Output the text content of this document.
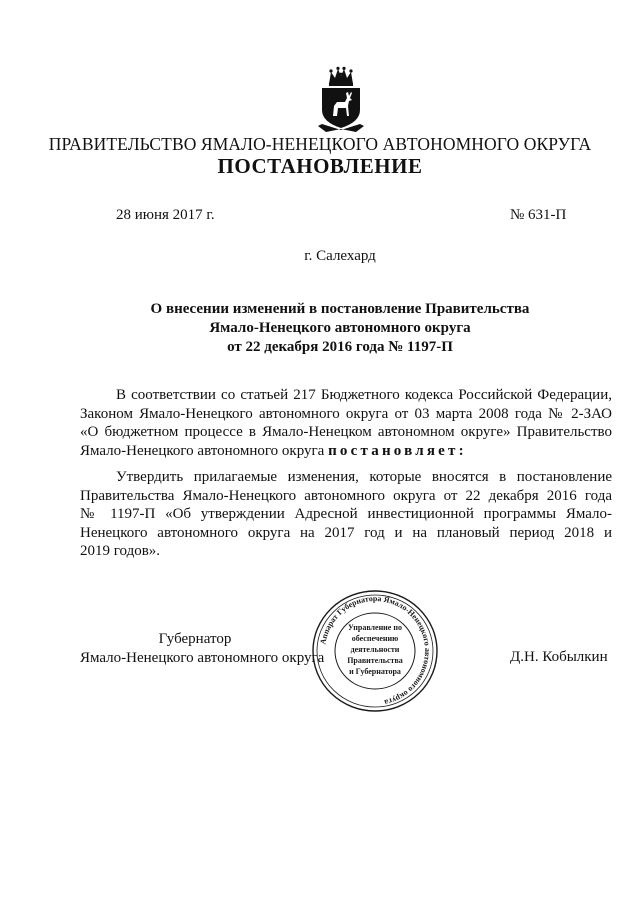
ПРАВИТЕЛЬСТВО ЯМАЛО-НЕНЕЦКОГО АВТОНОМНОГО ОКРУГА
ПОСТАНОВЛЕНИЕ
28 июня 2017 г.	№ 631-П
г. Салехард
О внесении изменений в постановление Правительства
Ямало-Ненецкого автономного округа
от 22 декабря 2016 года № 1197-П
В соответствии со статьей 217 Бюджетного кодекса Российской Федерации,
Законом Ямало-Ненецкого автономного округа от 03 марта 2008 года № 2-ЗАО
«О бюджетном процессе в Ямало-Ненецком автономном округе» Правительство
Ямало-Ненецкого автономного округа постановляет:
Утвердить прилагаемые изменения, которые вносятся в постановление
Правительства Ямало-Ненецкого автономного округа от 22 декабря 2016 года
№ 1197-П «Об утверждении Адресной инвестиционной программы Ямало-
Ненецкого автономного округа на 2017 год и на плановый период 2018 и
2019 годов».
Губернатор
Ямало-Ненецкого автономного округа
Аппарат Губернатора Ямало-Ненецкого автономного округа
Управление по
обеспечению
деятельности
Правительства
и Губернатора
Д.Н. Кобылкин
